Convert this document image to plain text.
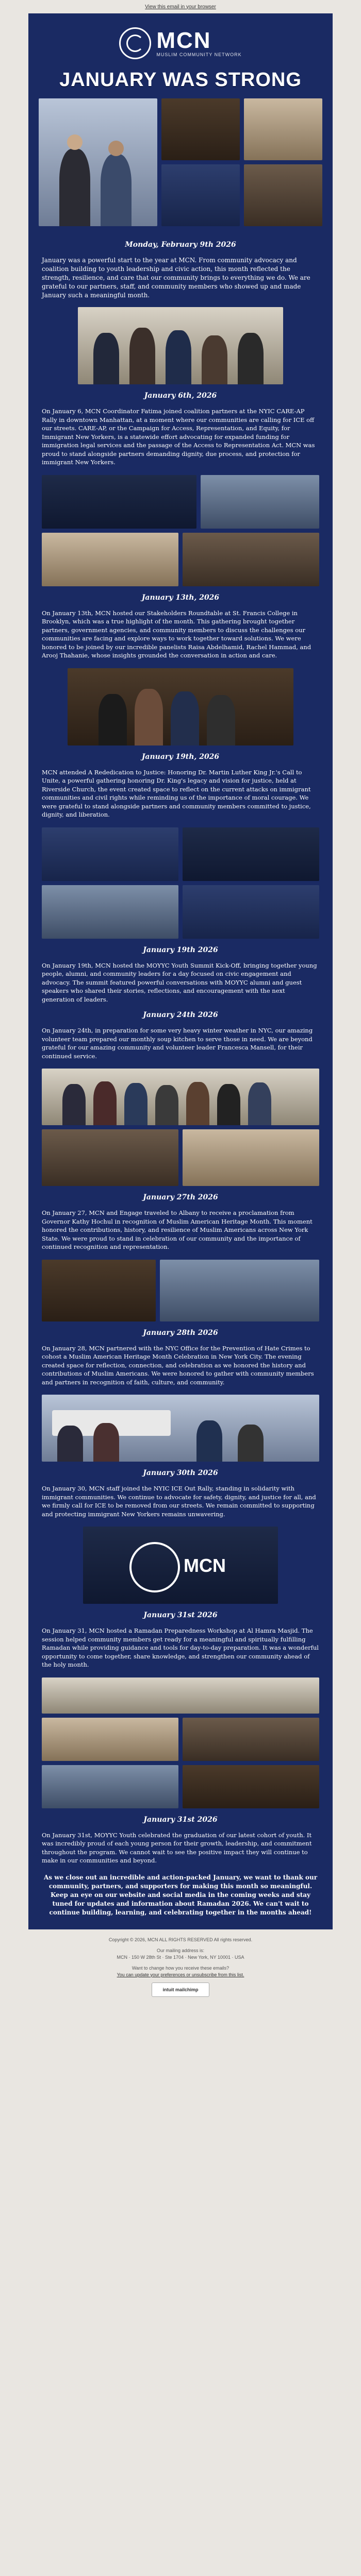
View this email in your browser
MCN
MUSLIM COMMUNITY NETWORK
JANUARY WAS STRONG
Monday, February 9th 2026
January was a powerful start to the year at MCN. From community advocacy and coalition building to youth leadership and civic action, this month reflected the strength, resilience, and care that our community brings to everything we do. We are grateful to our partners, staff, and community members who showed up and made January such a meaningful month.
January 6th, 2026

On January 6, MCN Coordinator Fatima joined coalition partners at the NYIC CARE-AP Rally in downtown Manhattan, at a moment where our communities are calling for ICE off our streets. CARE-AP, or the Campaign for Access, Representation, and Equity, for Immigrant New Yorkers, is a statewide effort advocating for expanded funding for immigration legal services and the passage of the Access to Representation Act. MCN was proud to stand alongside partners demanding dignity, due process, and protection for immigrant New Yorkers.

January 13th, 2026

On January 13th, MCN hosted our Stakeholders Roundtable at St. Francis College in Brooklyn, which was a true highlight of the month. This gathering brought together partners, government agencies, and community members to discuss the challenges our communities are facing and explore ways to work together toward solutions. We were honored to be joined by our incredible panelists Raisa Abdelhamid, Rachel Hammad, and Arooj Thahanie, whose insights grounded the conversation in action and care.

January 19th, 2026

MCN attended A Rededication to Justice: Honoring Dr. Martin Luther King Jr.'s Call to Unite, a powerful gathering honoring Dr. King's legacy and vision for justice, held at Riverside Church, the event created space to reflect on the current attacks on immigrant communities and civil rights while reminding us of the importance of moral courage. We were grateful to stand alongside partners and community members committed to justice, dignity, and liberation.

January 19th 2026

On January 19th, MCN hosted the MOYYC Youth Summit Kick-Off, bringing together young people, alumni, and community leaders for a day focused on civic engagement and advocacy. The summit featured powerful conversations with MOYYC alumni and guest speakers who shared their stories, reflections, and encouragement with the next generation of leaders.

January 24th 2026

On January 24th, in preparation for some very heavy winter weather in NYC, our amazing volunteer team prepared our monthly soup kitchen to serve those in need. We are beyond grateful for our amazing community and volunteer leader Francesca Mansell, for their continued service.

January 27th 2026

On January 27, MCN and Engage traveled to Albany to receive a proclamation from Governor Kathy Hochul in recognition of Muslim American Heritage Month. This moment honored the contributions, history, and resilience of Muslim Americans across New York State. We were proud to stand in celebration of our community and the importance of continued recognition and representation.

January 28th 2026

On January 28, MCN partnered with the NYC Office for the Prevention of Hate Crimes to cohost a Muslim American Heritage Month Celebration in New York City. The evening created space for reflection, connection, and celebration as we honored the history and contributions of Muslim Americans. We were honored to gather with community members and partners in recognition of faith, culture, and community.

January 30th 2026

On January 30, MCN staff joined the NYIC ICE Out Rally, standing in solidarity with immigrant communities. We continue to advocate for safety, dignity, and justice for all, and we firmly call for ICE to be removed from our streets. We remain committed to supporting and protecting immigrant New Yorkers remains unwavering.

MCN
January 31st 2026

On January 31, MCN hosted a Ramadan Preparedness Workshop at Al Hamra Masjid. The session helped community members get ready for a meaningful and spiritually fulfilling Ramadan while providing guidance and tools for day-to-day preparation. It was a wonderful opportunity to come together, share knowledge, and strengthen our community ahead of the holy month.

January 31st 2026

On January 31st, MOYYC Youth celebrated the graduation of our latest cohort of youth. It was incredibly proud of each young person for their growth, leadership, and commitment throughout the program. We cannot wait to see the positive impact they will continue to make in our communities and beyond.

As we close out an incredible and action-packed January, we want to thank our community, partners, and supporters for making this month so meaningful. Keep an eye on our website and social media in the coming weeks and stay tuned for updates and information about Ramadan 2026. We can't wait to continue building, learning, and celebrating together in the months ahead!
Copyright © 2026, MCN ALL RIGHTS RESERVED All rights reserved.
Our mailing address is:
MCN · 150 W 28th St · Ste 1704 · New York, NY 10001 · USA
Want to change how you receive these emails?
You can update your preferences or unsubscribe from this list.
intuit mailchimp
